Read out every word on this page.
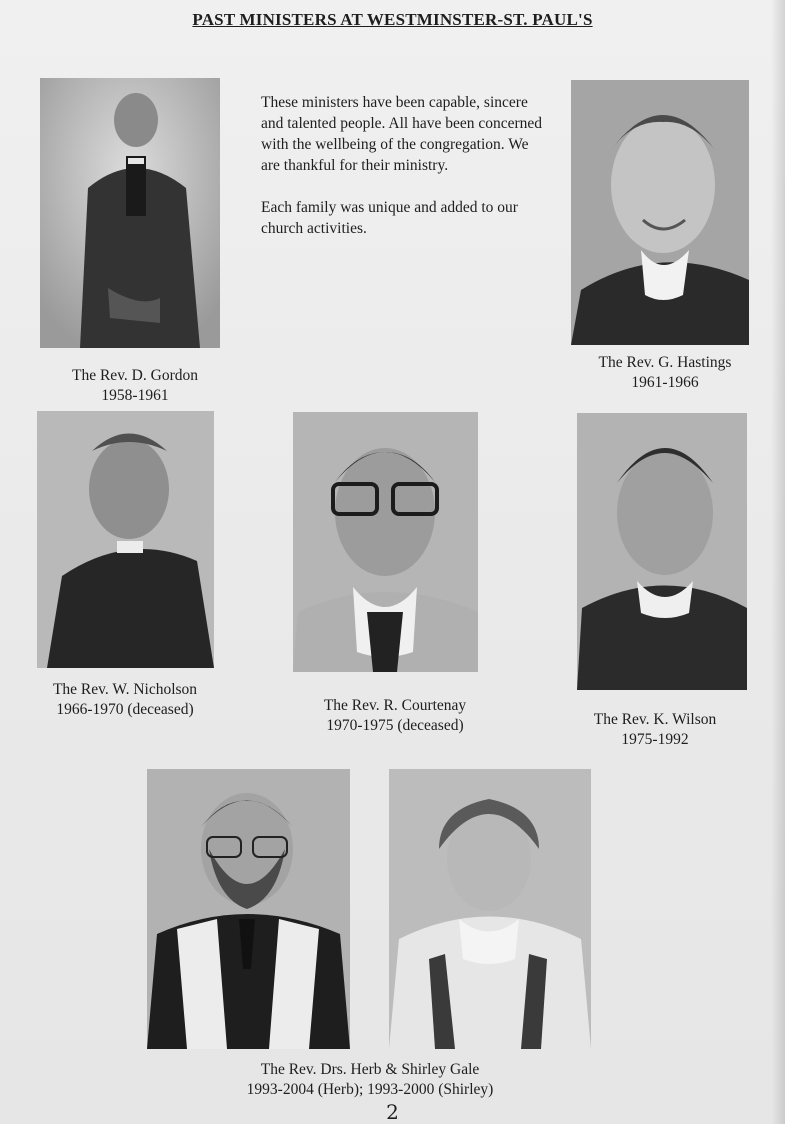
PAST MINISTERS AT WESTMINSTER-ST. PAUL'S
The Rev. D. Gordon
1958-1961

These ministers have been capable, sincere and talented people. All have been concerned with the wellbeing of the congregation. We are thankful for their ministry.

Each family was unique and added to our church activities.

The Rev. G. Hastings
1961-1966
The Rev. W. Nicholson
1966-1970 (deceased)	The Rev. R. Courtenay
1970-1975 (deceased)	The Rev. K. Wilson
1975-1992
The Rev. Drs. Herb & Shirley Gale
1993-2004 (Herb); 1993-2000 (Shirley)
2
